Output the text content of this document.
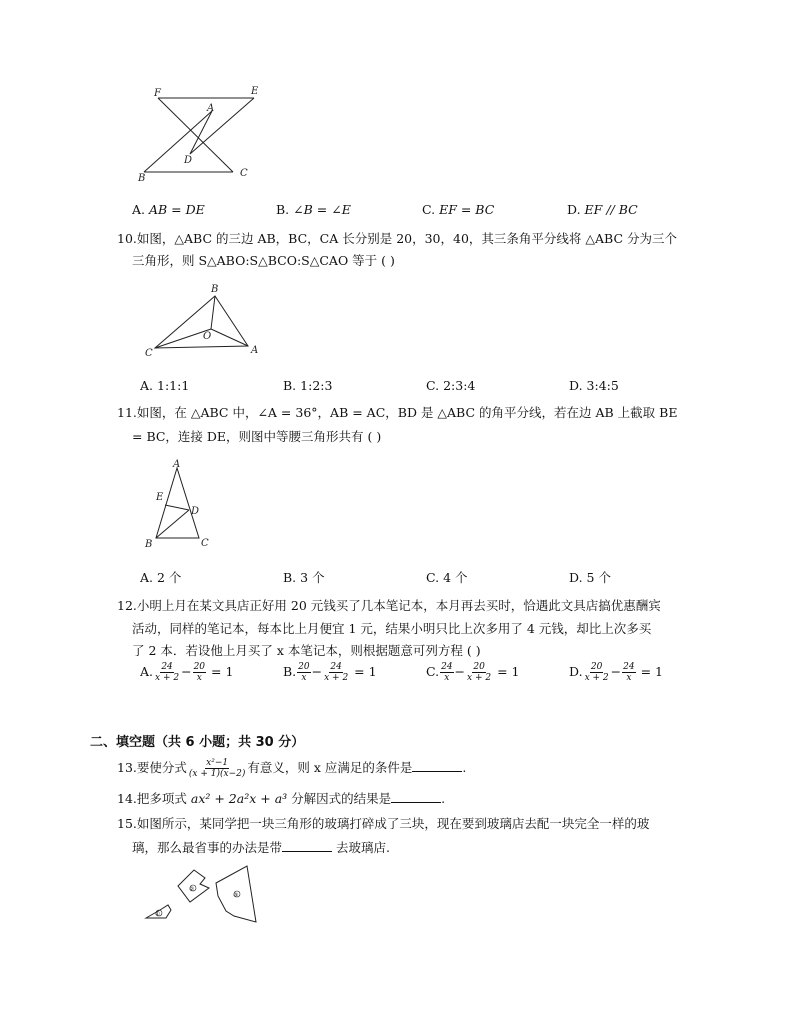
F	E
A
D
B	C
A. AB = DE	B. ∠B = ∠E	C. EF = BC	D. EF // BC
10.如图，△ABC 的三边 AB，BC，CA 长分别是 20，30，40，其三条角平分线将 △ABC 分为三个
三角形，则 S△ABO:S△BCO:S△CAO 等于 ( )
B
O
C	A
A. 1:1:1	B. 1:2:3	C. 2:3:4	D. 3:4:5
11.如图，在 △ABC 中，∠A = 36°，AB = AC，BD 是 △ABC 的角平分线，若在边 AB 上截取 BE
= BC，连接 DE，则图中等腰三角形共有 ( )
A
E
D
B	C
A. 2 个	B. 3 个	C. 4 个	D. 5 个
12.小明上月在某文具店正好用 20 元钱买了几本笔记本，本月再去买时，恰遇此文具店搞优惠酬宾
活动，同样的笔记本，每本比上月便宜 1 元，结果小明只比上次多用了 4 元钱，却比上次多买
了 2 本．若设他上月买了 x 本笔记本，则根据题意可列方程 ( )
A. $\frac{24}{x + 2} - \frac{20}{x} = 1$	B. $\frac{20}{x} - \frac{24}{x + 2} = 1$	C. $\frac{24}{x} - \frac{20}{x + 2} = 1$	D. $\frac{20}{x + 2} - \frac{24}{x} = 1$
二、填空题（共 6 小题；共 30 分）
13.要使分式 $\frac{\text{x²−1}}{(x + 1)(x-2)}$ 有意义，则 x 应满足的条件是	.
14.把多项式 ax² + 2a²x + a³ 分解因式的结果是	.
15.如图所示，某同学把一块三角形的玻璃打碎成了三块，现在要到玻璃店去配一块完全一样的玻
璃，那么最省事的办法是带	去玻璃店.
①
②
③
